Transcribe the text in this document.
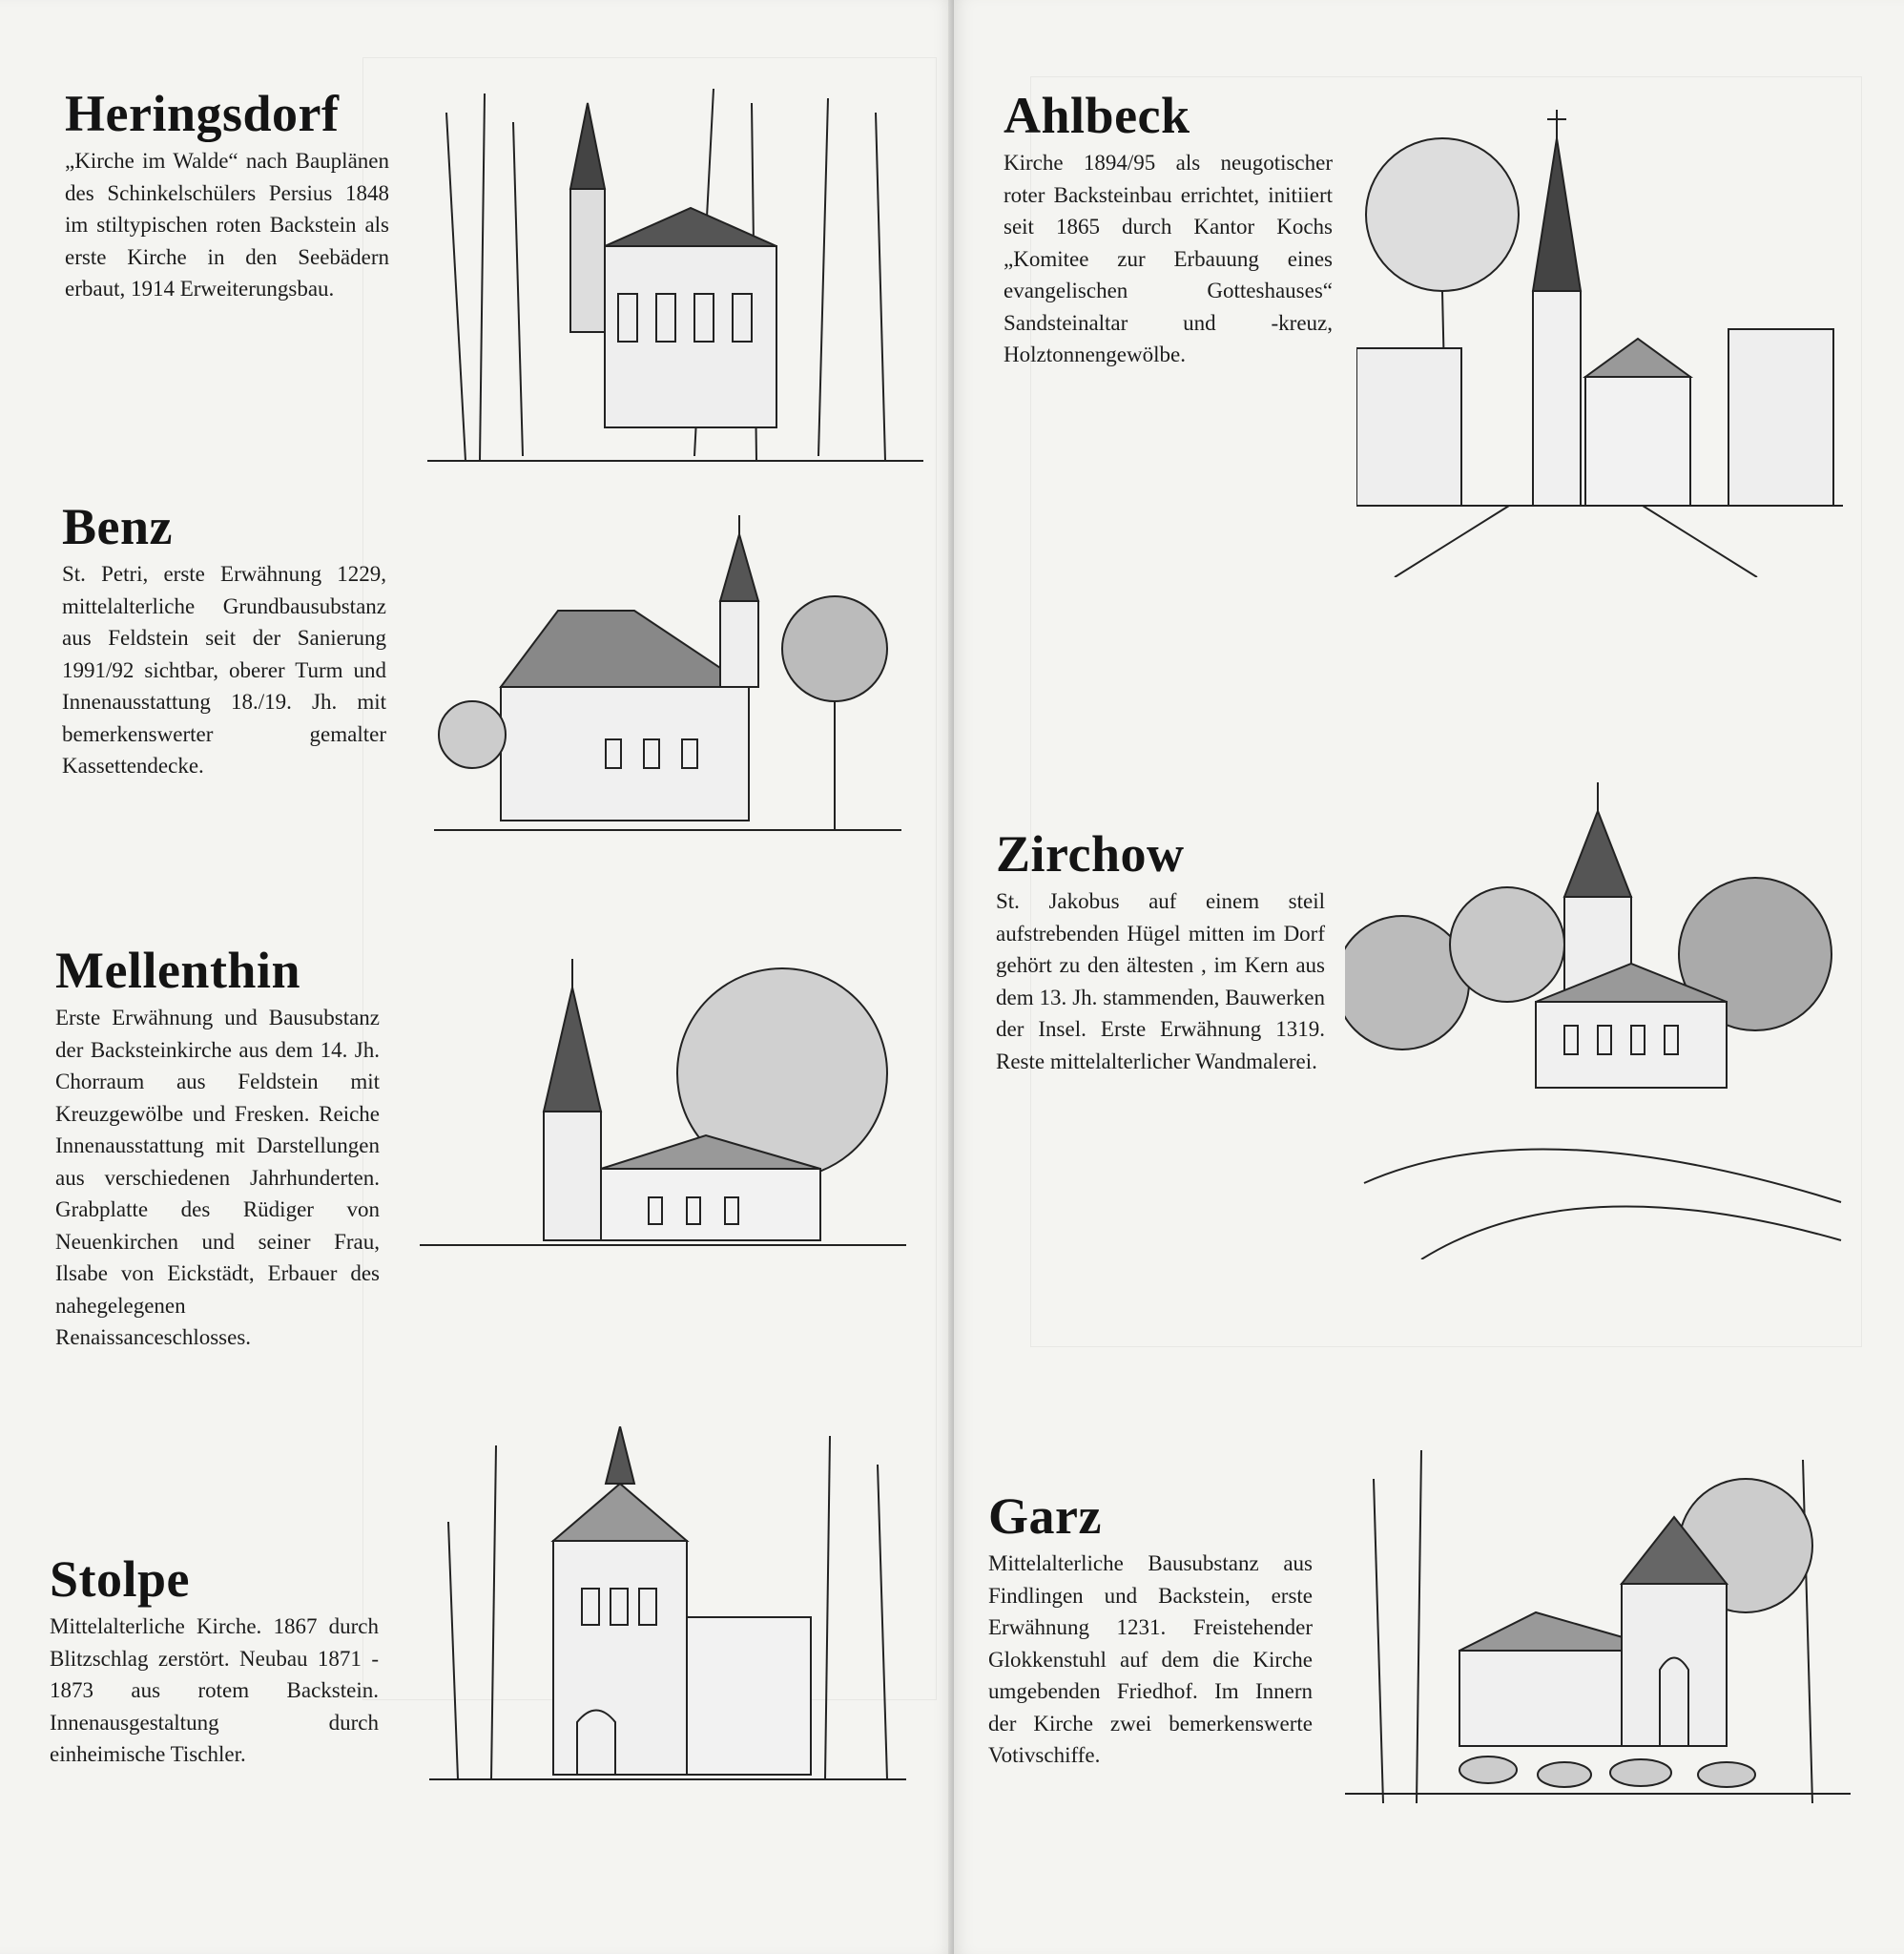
Heringsdorf

„Kirche im Walde“ nach Bauplänen des Schinkelschülers Persius 1848 im stiltypischen roten Backstein als erste Kirche in den Seebädern erbaut, 1914 Erweiterungsbau.

Benz

St. Petri, erste Erwähnung 1229, mittelalterliche Grundbausubstanz aus Feldstein seit der Sanierung 1991/92 sichtbar, oberer Turm und Innenausstattung 18./19. Jh. mit bemerkenswerter gemalter Kassettendecke.

Mellenthin

Erste Erwähnung und Bausubstanz der Backsteinkirche aus dem 14. Jh. Chorraum aus Feldstein mit Kreuzgewölbe und Fresken. Reiche Innenausstattung mit Darstellungen aus verschiedenen Jahrhunderten. Grabplatte des Rüdiger von Neuenkirchen und seiner Frau, Ilsabe von Eickstädt, Erbauer des nahegelegenen Renaissanceschlosses.

Stolpe

Mittelalterliche Kirche. 1867 durch Blitzschlag zerstört. Neubau 1871 - 1873 aus rotem Backstein. Innenausgestaltung durch einheimische Tischler.

Ahlbeck

Kirche 1894/95 als neugotischer roter Backsteinbau errichtet, initiiert seit 1865 durch Kantor Kochs „Komitee zur Erbauung eines evangelischen Gotteshauses“ Sandsteinaltar und -kreuz, Holztonnengewölbe.

Zirchow

St. Jakobus auf einem steil aufstrebenden Hügel mitten im Dorf gehört zu den ältesten , im Kern aus dem 13. Jh. stammenden, Bauwerken der Insel. Erste Erwähnung 1319. Reste mittelalterlicher Wandmalerei.

Garz

Mittelalterliche Bausubstanz aus Findlingen und Backstein, erste Erwähnung 1231. Freistehender Glokkenstuhl auf dem die Kirche umgebenden Friedhof. Im Innern der Kirche zwei bemerkenswerte Votivschiffe.
